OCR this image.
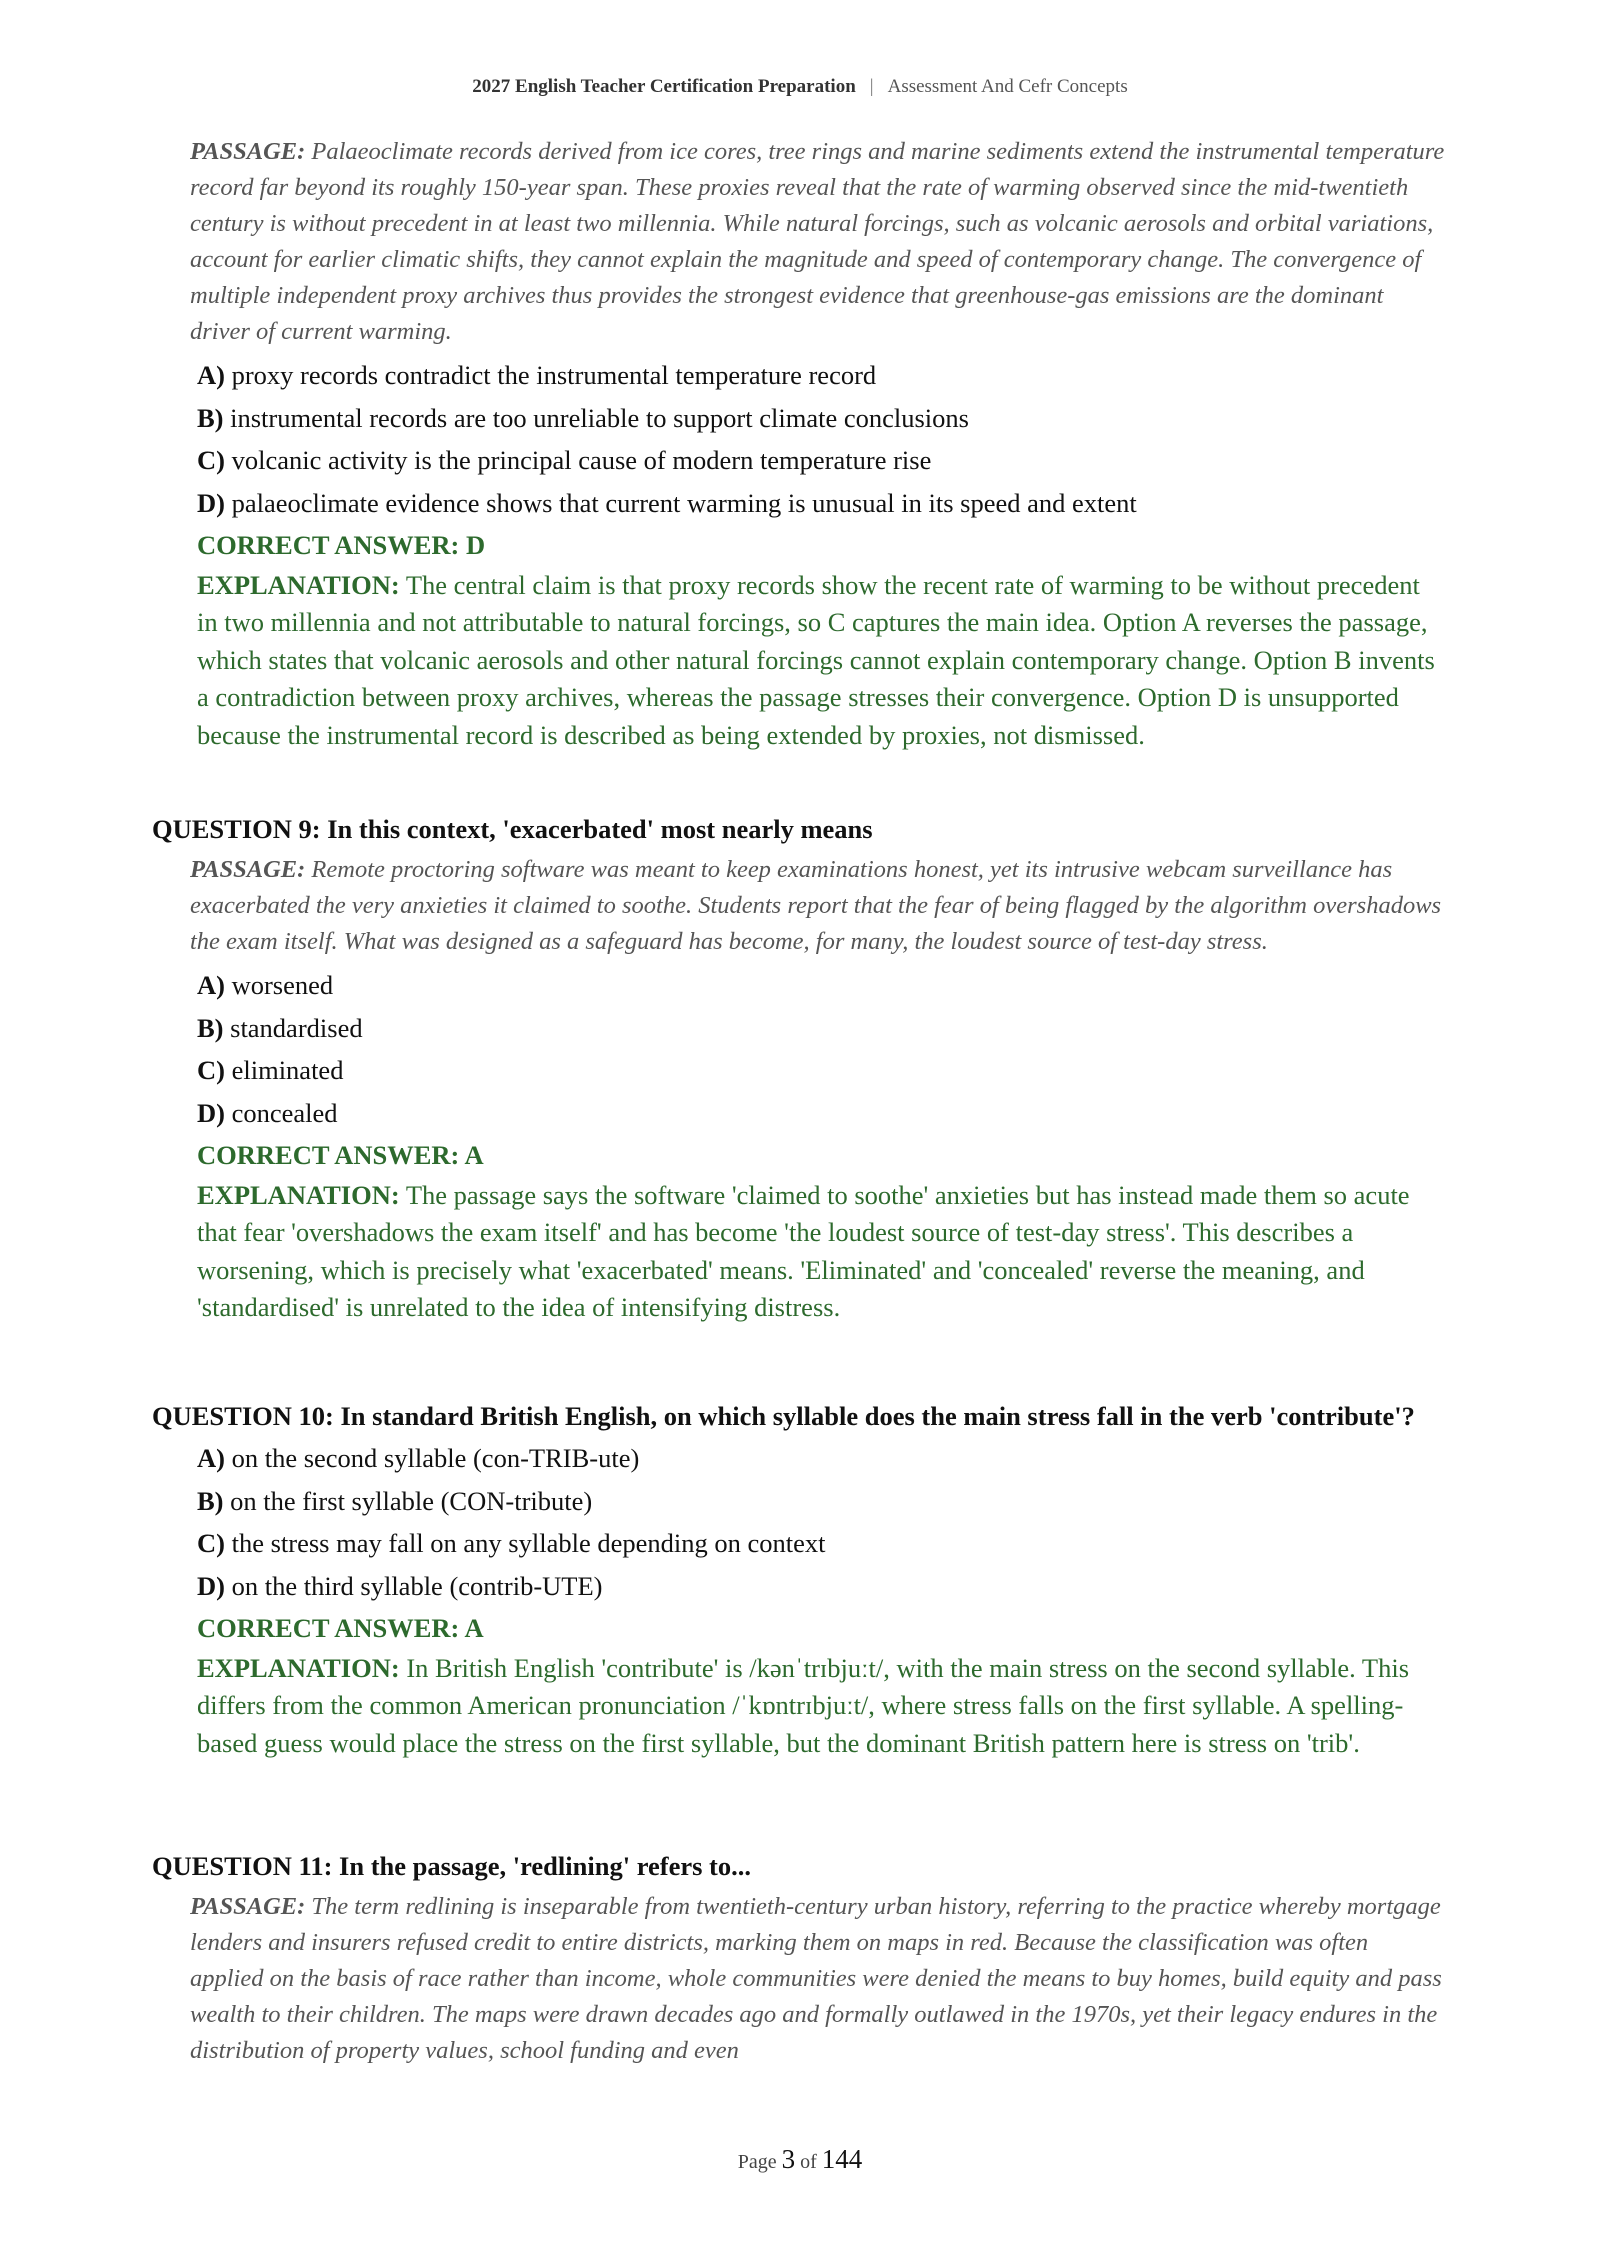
2027 English Teacher Certification Preparation | Assessment And Cefr Concepts
PASSAGE: Palaeoclimate records derived from ice cores, tree rings and marine sediments extend the instrumental temperature record far beyond its roughly 150-year span. These proxies reveal that the rate of warming observed since the mid-twentieth century is without precedent in at least two millennia. While natural forcings, such as volcanic aerosols and orbital variations, account for earlier climatic shifts, they cannot explain the magnitude and speed of contemporary change. The convergence of multiple independent proxy archives thus provides the strongest evidence that greenhouse-gas emissions are the dominant driver of current warming.
A) proxy records contradict the instrumental temperature record
B) instrumental records are too unreliable to support climate conclusions
C) volcanic activity is the principal cause of modern temperature rise
D) palaeoclimate evidence shows that current warming is unusual in its speed and extent
CORRECT ANSWER: D
EXPLANATION: The central claim is that proxy records show the recent rate of warming to be without precedent in two millennia and not attributable to natural forcings, so C captures the main idea. Option A reverses the passage, which states that volcanic aerosols and other natural forcings cannot explain contemporary change. Option B invents a contradiction between proxy archives, whereas the passage stresses their convergence. Option D is unsupported because the instrumental record is described as being extended by proxies, not dismissed.
QUESTION 9: In this context, 'exacerbated' most nearly means
PASSAGE: Remote proctoring software was meant to keep examinations honest, yet its intrusive webcam surveillance has exacerbated the very anxieties it claimed to soothe. Students report that the fear of being flagged by the algorithm overshadows the exam itself. What was designed as a safeguard has become, for many, the loudest source of test-day stress.
A) worsened
B) standardised
C) eliminated
D) concealed
CORRECT ANSWER: A
EXPLANATION: The passage says the software 'claimed to soothe' anxieties but has instead made them so acute that fear 'overshadows the exam itself' and has become 'the loudest source of test-day stress'. This describes a worsening, which is precisely what 'exacerbated' means. 'Eliminated' and 'concealed' reverse the meaning, and 'standardised' is unrelated to the idea of intensifying distress.
QUESTION 10: In standard British English, on which syllable does the main stress fall in the verb 'contribute'?
A) on the second syllable (con-TRIB-ute)
B) on the first syllable (CON-tribute)
C) the stress may fall on any syllable depending on context
D) on the third syllable (contrib-UTE)
CORRECT ANSWER: A
EXPLANATION: In British English 'contribute' is /kənˈtrɪbjuːt/, with the main stress on the second syllable. This differs from the common American pronunciation /ˈkɒntrɪbjuːt/, where stress falls on the first syllable. A spelling-based guess would place the stress on the first syllable, but the dominant British pattern here is stress on 'trib'.
QUESTION 11: In the passage, 'redlining' refers to...
PASSAGE: The term redlining is inseparable from twentieth-century urban history, referring to the practice whereby mortgage lenders and insurers refused credit to entire districts, marking them on maps in red. Because the classification was often applied on the basis of race rather than income, whole communities were denied the means to buy homes, build equity and pass wealth to their children. The maps were drawn decades ago and formally outlawed in the 1970s, yet their legacy endures in the distribution of property values, school funding and even
Page 3 of 144
